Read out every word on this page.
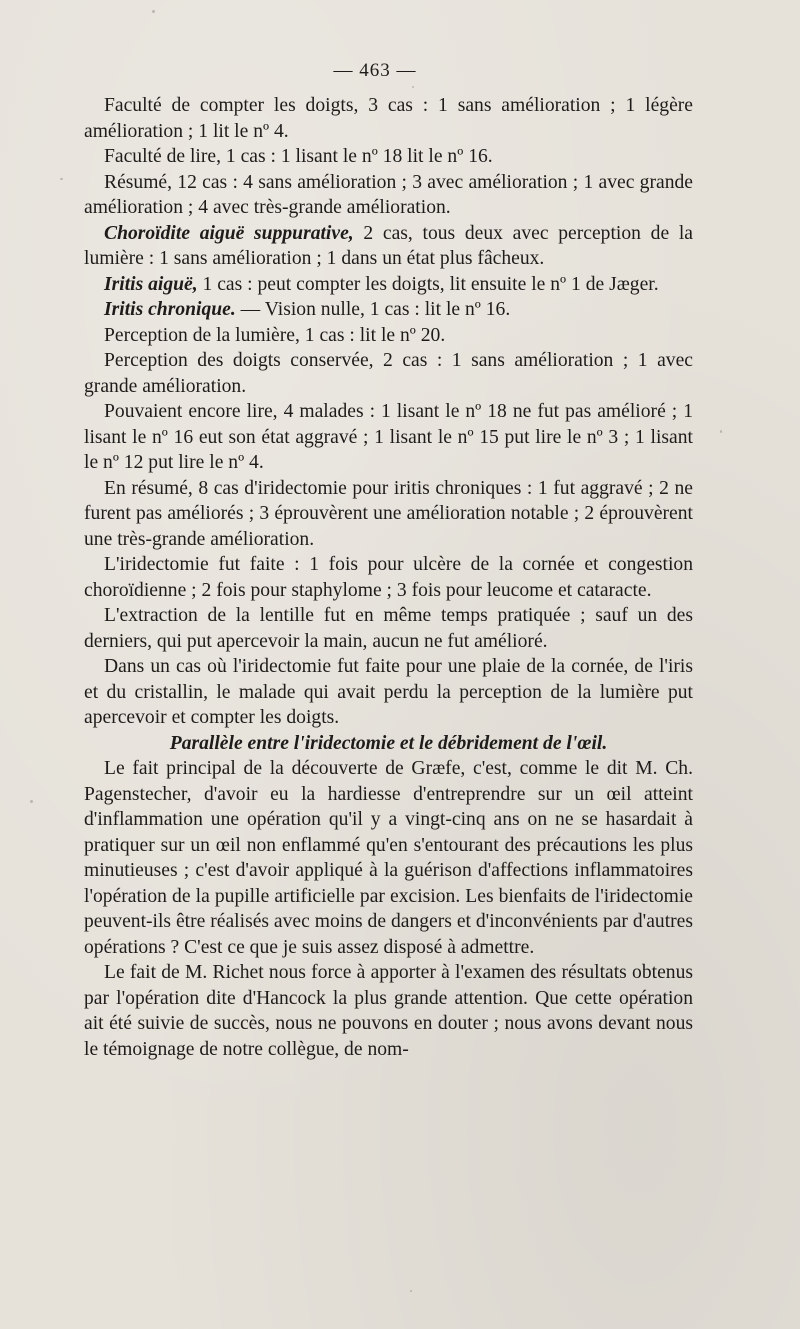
— 463 —

Faculté de compter les doigts, 3 cas : 1 sans amélioration ; 1 légère amélioration ; 1 lit le nº 4.

Faculté de lire, 1 cas : 1 lisant le nº 18 lit le nº 16.

Résumé, 12 cas : 4 sans amélioration ; 3 avec amélioration ; 1 avec grande amélioration ; 4 avec très-grande amélioration.

Choroïdite aiguë suppurative, 2 cas, tous deux avec perception de la lumière : 1 sans amélioration ; 1 dans un état plus fâcheux.

Iritis aiguë, 1 cas : peut compter les doigts, lit ensuite le nº 1 de Jæger.

Iritis chronique. — Vision nulle, 1 cas : lit le nº 16.

Perception de la lumière, 1 cas : lit le nº 20.

Perception des doigts conservée, 2 cas : 1 sans amélioration ; 1 avec grande amélioration.

Pouvaient encore lire, 4 malades : 1 lisant le nº 18 ne fut pas amélioré ; 1 lisant le nº 16 eut son état aggravé ; 1 lisant le nº 15 put lire le nº 3 ; 1 lisant le nº 12 put lire le nº 4.

En résumé, 8 cas d'iridectomie pour iritis chroniques : 1 fut aggravé ; 2 ne furent pas améliorés ; 3 éprouvèrent une amélioration notable ; 2 éprouvèrent une très-grande amélioration.

L'iridectomie fut faite : 1 fois pour ulcère de la cornée et congestion choroïdienne ; 2 fois pour staphylome ; 3 fois pour leucome et cataracte.

L'extraction de la lentille fut en même temps pratiquée ; sauf un des derniers, qui put apercevoir la main, aucun ne fut amélioré.

Dans un cas où l'iridectomie fut faite pour une plaie de la cornée, de l'iris et du cristallin, le malade qui avait perdu la perception de la lumière put apercevoir et compter les doigts.

Parallèle entre l'iridectomie et le débridement de l'œil.

Le fait principal de la découverte de Græfe, c'est, comme le dit M. Ch. Pagenstecher, d'avoir eu la hardiesse d'entreprendre sur un œil atteint d'inflammation une opération qu'il y a vingt-cinq ans on ne se hasardait à pratiquer sur un œil non enflammé qu'en s'entourant des précautions les plus minutieuses ; c'est d'avoir appliqué à la guérison d'affections inflammatoires l'opération de la pupille artificielle par excision. Les bienfaits de l'iridectomie peuvent-ils être réalisés avec moins de dangers et d'inconvénients par d'autres opérations ? C'est ce que je suis assez disposé à admettre.

Le fait de M. Richet nous force à apporter à l'examen des résultats obtenus par l'opération dite d'Hancock la plus grande attention. Que cette opération ait été suivie de succès, nous ne pouvons en douter ; nous avons devant nous le témoignage de notre collègue, de nom-
